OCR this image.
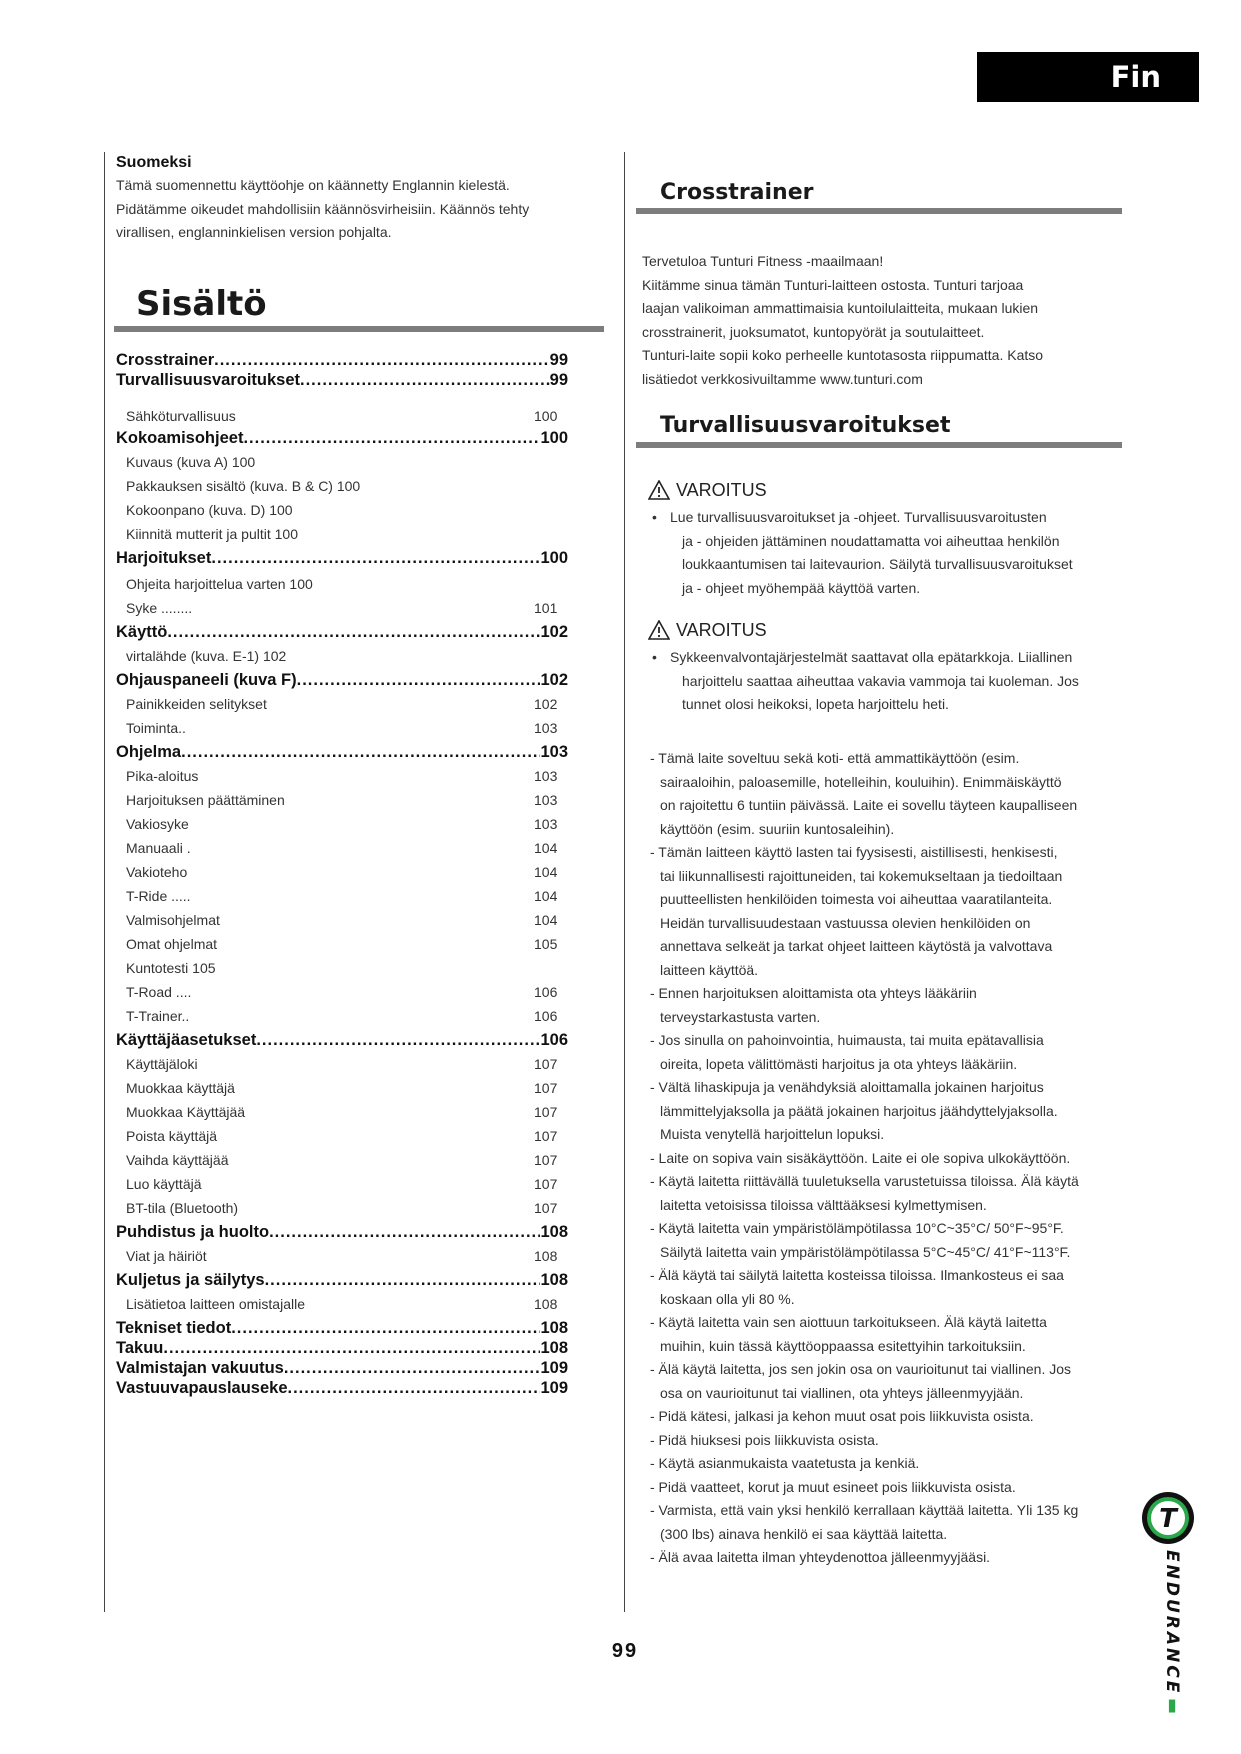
Fin
Suomeksi

Tämä suomennettu käyttöohje on käännetty Englannin kielestä.

Pidätämme oikeudet mahdollisiin käännösvirheisiin. Käännös tehty

virallisen, englanninkielisen version pohjalta.

Sisältö
Crosstrainer .....	99
Turvallisuusvaroitukset .....	99
Sähköturvallisuus	100
Kokoamisohjeet .....	100
Kuvaus (kuva A) 100
Pakkauksen sisältö (kuva. B & C) 100
Kokoonpano (kuva. D) 100
Kiinnitä mutterit ja pultit 100
Harjoitukset .....	100
Ohjeita harjoittelua varten 100
Syke ........	101
Käyttö .....	102
virtalähde (kuva. E-1) 102
Ohjauspaneeli (kuva F) .....	102
Painikkeiden selitykset	102
Toiminta..	103
Ohjelma .....	103
Pika-aloitus	103
Harjoituksen päättäminen	103
Vakiosyke	103
Manuaali .	104
Vakioteho	104
T-Ride .....	104
Valmisohjelmat	104
Omat ohjelmat	105
Kuntotesti 105
T-Road ....	106
T-Trainer..	106
Käyttäjäasetukset .....	106
Käyttäjäloki	107
Muokkaa käyttäjä	107
Muokkaa Käyttäjää	107
Poista käyttäjä	107
Vaihda käyttäjää	107
Luo käyttäjä	107
BT-tila (Bluetooth)	107
Puhdistus ja huolto .....	108
Viat ja häiriöt	108
Kuljetus ja säilytys .....	108
Lisätietoa laitteen omistajalle	108
Tekniset tiedot .....	108
Takuu .....	108
Valmistajan vakuutus .....	109
Vastuuvapauslauseke .....	109
Crosstrainer

Tervetuloa Tunturi Fitness -maailmaan!

Kiitämme sinua tämän Tunturi-laitteen ostosta. Tunturi tarjoaa

laajan valikoiman ammattimaisia kuntoilulaitteita, mukaan lukien

crosstrainerit, juoksumatot, kuntopyörät ja soutulaitteet.

Tunturi-laite sopii koko perheelle kuntotasosta riippumatta. Katso

lisätiedot verkkosivuiltamme www.tunturi.com

Turvallisuusvaroitukset
VAROITUS
• Lue turvallisuusvaroitukset ja -ohjeet. Turvallisuusvaroitusten
ja - ohjeiden jättäminen noudattamatta voi aiheuttaa henkilön
loukkaantumisen tai laitevaurion. Säilytä turvallisuusvaroitukset
ja - ohjeet myöhempää käyttöä varten.
VAROITUS
• Sykkeenvalvontajärjestelmät saattavat olla epätarkkoja. Liiallinen
harjoittelu saattaa aiheuttaa vakavia vammoja tai kuoleman. Jos
tunnet olosi heikoksi, lopeta harjoittelu heti.
- Tämä laite soveltuu sekä koti- että ammattikäyttöön (esim.
sairaaloihin, paloasemille, hotelleihin, kouluihin). Enimmäiskäyttö
on rajoitettu 6 tuntiin päivässä. Laite ei sovellu täyteen kaupalliseen
käyttöön (esim. suuriin kuntosaleihin).
- Tämän laitteen käyttö lasten tai fyysisesti, aistillisesti, henkisesti,
tai liikunnallisesti rajoittuneiden, tai kokemukseltaan ja tiedoiltaan
puutteellisten henkilöiden toimesta voi aiheuttaa vaaratilanteita.
Heidän turvallisuudestaan vastuussa olevien henkilöiden on
annettava selkeät ja tarkat ohjeet laitteen käytöstä ja valvottava
laitteen käyttöä.
- Ennen harjoituksen aloittamista ota yhteys lääkäriin
terveystarkastusta varten.
- Jos sinulla on pahoinvointia, huimausta, tai muita epätavallisia
oireita, lopeta välittömästi harjoitus ja ota yhteys lääkäriin.
- Vältä lihaskipuja ja venähdyksiä aloittamalla jokainen harjoitus
lämmittelyjaksolla ja päätä jokainen harjoitus jäähdyttelyjaksolla.
Muista venytellä harjoittelun lopuksi.
- Laite on sopiva vain sisäkäyttöön. Laite ei ole sopiva ulkokäyttöön.
- Käytä laitetta riittävällä tuuletuksella varustetuissa tiloissa. Älä käytä
laitetta vetoisissa tiloissa välttääksesi kylmettymisen.
- Käytä laitetta vain ympäristölämpötilassa 10°C~35°C/ 50°F~95°F.
Säilytä laitetta vain ympäristölämpötilassa 5°C~45°C/ 41°F~113°F.
- Älä käytä tai säilytä laitetta kosteissa tiloissa. Ilmankosteus ei saa
koskaan olla yli 80 %.
- Käytä laitetta vain sen aiottuun tarkoitukseen. Älä käytä laitetta
muihin, kuin tässä käyttöoppaassa esitettyihin tarkoituksiin.
- Älä käytä laitetta, jos sen jokin osa on vaurioitunut tai viallinen. Jos
osa on vaurioitunut tai viallinen, ota yhteys jälleenmyyjään.
- Pidä kätesi, jalkasi ja kehon muut osat pois liikkuvista osista.
- Pidä hiuksesi pois liikkuvista osista.
- Käytä asianmukaista vaatetusta ja kenkiä.
- Pidä vaatteet, korut ja muut esineet pois liikkuvista osista.
- Varmista, että vain yksi henkilö kerrallaan käyttää laitetta. Yli 135 kg
(300 lbs) ainava henkilö ei saa käyttää laitetta.
- Älä avaa laitetta ilman yhteydenottoa jälleenmyyjääsi.
99
T
ENDURANCE▮
